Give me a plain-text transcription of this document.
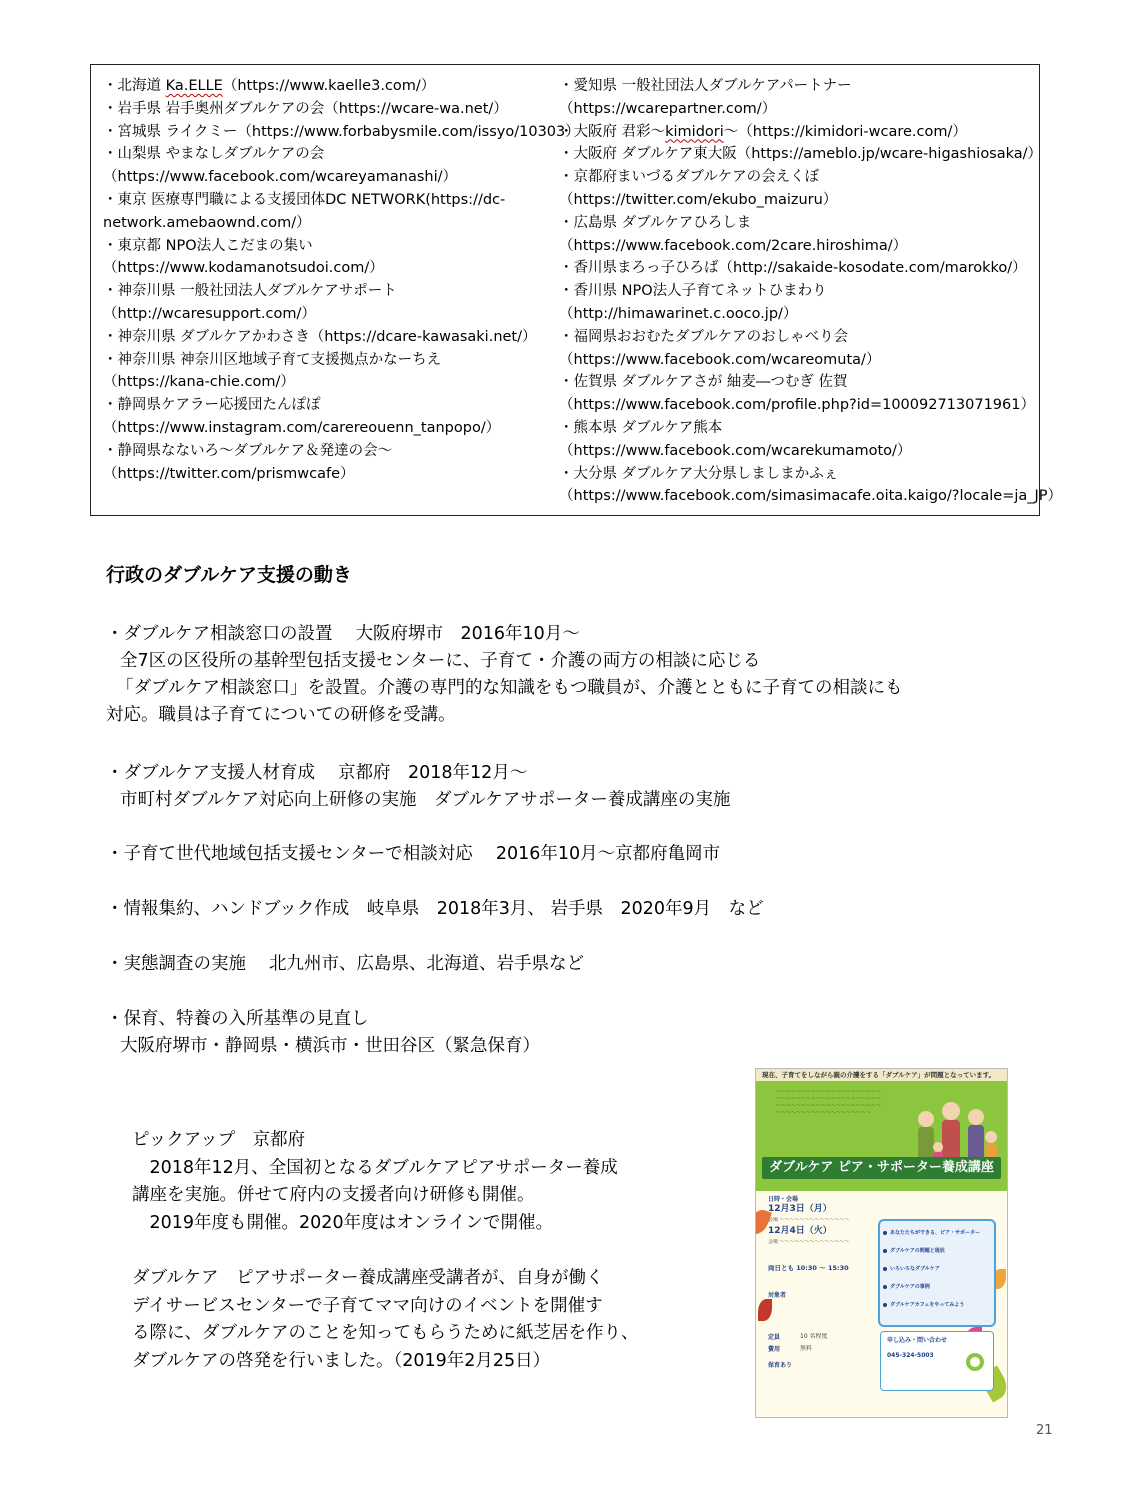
・北海道 Ka.ELLE（https://www.kaelle3.com/）
・岩手県 岩手奥州ダブルケアの会（https://wcare-wa.net/）
・宮城県 ライクミー（https://www.forbabysmile.com/issyo/10303）
・山梨県 やまなしダブルケアの会
（https://www.facebook.com/wcareyamanashi/）
・東京 医療専門職による支援団体DC NETWORK(https://dc-
network.amebaownd.com/）
・東京都 NPO法人こだまの集い
（https://www.kodamanotsudoi.com/）
・神奈川県 一般社団法人ダブルケアサポート
（http://wcaresupport.com/）
・神奈川県 ダブルケアかわさき（https://dcare-kawasaki.net/）
・神奈川県 神奈川区地域子育て支援拠点かなーちえ
（https://kana-chie.com/）
・静岡県ケアラー応援団たんぽぽ
（https://www.instagram.com/carereouenn_tanpopo/）
・静岡県なないろ～ダブルケア＆発達の会～
（https://twitter.com/prismwcafe）
・愛知県 一般社団法人ダブルケアパートナー
（https://wcarepartner.com/）
・大阪府 君彩～kimidori～（https://kimidori-wcare.com/）
・大阪府 ダブルケア東大阪（https://ameblo.jp/wcare-higashiosaka/）
・京都府まいづるダブルケアの会えくぼ
（https://twitter.com/ekubo_maizuru）
・広島県 ダブルケアひろしま
（https://www.facebook.com/2care.hiroshima/）
・香川県まろっ子ひろば（http://sakaide-kosodate.com/marokko/）
・香川県 NPO法人子育てネットひまわり
（http://himawarinet.c.ooco.jp/）
・福岡県おおむたダブルケアのおしゃべり会
（https://www.facebook.com/wcareomuta/）
・佐賀県 ダブルケアさが 紬麦―つむぎ 佐賀
（https://www.facebook.com/profile.php?id=100092713071961）
・熊本県 ダブルケア熊本
（https://www.facebook.com/wcarekumamoto/）
・大分県 ダブルケア大分県しましまかふぇ
（https://www.facebook.com/simasimacafe.oita.kaigo/?locale=ja_JP）
行政のダブルケア支援の動き
・ダブルケア相談窓口の設置　 大阪府堺市　2016年10月～
全7区の区役所の基幹型包括支援センターに、子育て・介護の両方の相談に応じる
「ダブルケア相談窓口」を設置。介護の専門的な知識をもつ職員が、介護とともに子育ての相談にも
対応。職員は子育てについての研修を受講。
・ダブルケア支援人材育成　 京都府　2018年12月～
市町村ダブルケア対応向上研修の実施　ダブルケアサポーター養成講座の実施
・子育て世代地域包括支援センターで相談対応　 2016年10月～京都府亀岡市
・情報集約、ハンドブック作成　岐阜県　2018年3月、 岩手県　2020年9月　など
・実態調査の実施　 北九州市、広島県、北海道、岩手県など
・保育、特養の入所基準の見直し
大阪府堺市・静岡県・横浜市・世田谷区（緊急保育）
ピックアップ　京都府
　2018年12月、全国初となるダブルケアピアサポーター養成
講座を実施。併せて府内の支援者向け研修も開催。
　2019年度も開催。2020年度はオンラインで開催。
ダブルケア　ピアサポーター養成講座受講者が、自身が働く
デイサービスセンターで子育てママ向けのイベントを開催す
る際に、ダブルケアのことを知ってもらうために紙芝居を作り、
ダブルケアの啓発を行いました。（2019年2月25日）
現在、子育てをしながら親の介護をする「ダブルケア」が問題となっています。
～～～～～～～～～～～～～～～～～～～～～～～～～～～～～～～～～～～～～～～～～～～～～～～～～～～～～～～～～～～～～～～～～～～～～～～～～～～～～～～～～～
ダブルケア ピア・サポーター養成講座
日時・会場
12月3日（月）
会場 ～～～～～～～～～～～～～～
12月4日（火）
会場 ～～～～～～～～～～～～～～
両日とも 10:30 ～ 15:30
対象者
定員	10 名程度
費用	無料
保育あり
あなたたちができる、ピア・サポーター
ダブルケアの問題と現状
いろいろなダブルケア
ダブルケアの事例
ダブルケアカフェをやってみよう
申し込み・問い合わせ
045-324-5003
21
